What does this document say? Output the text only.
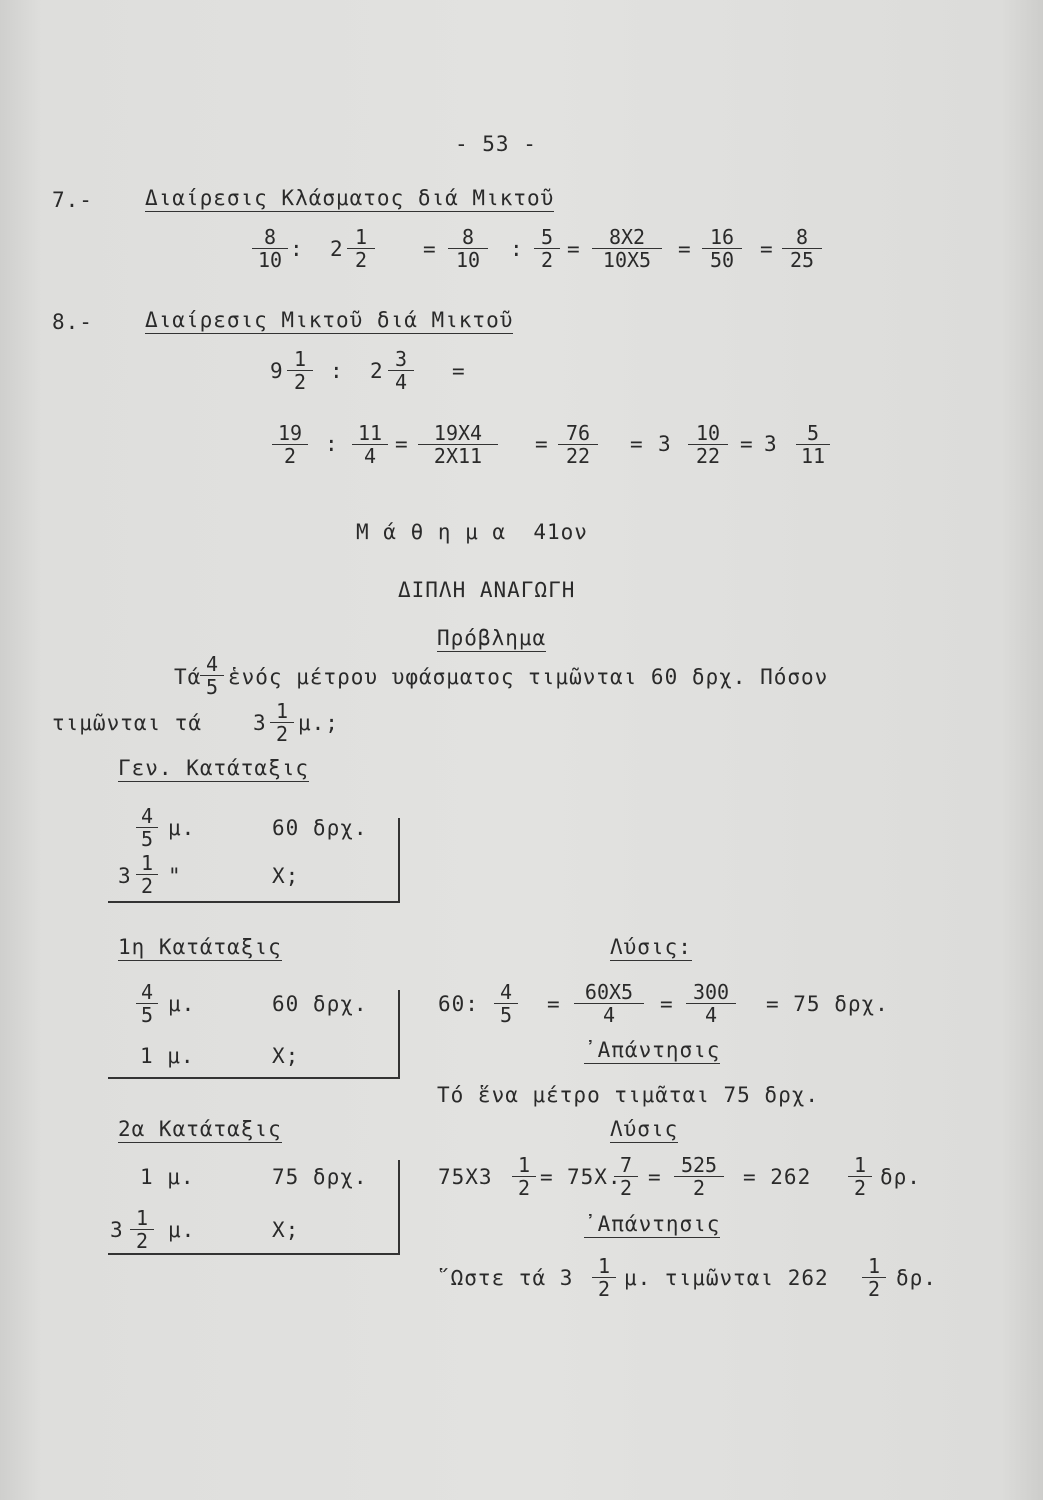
- 53 -
7.- Διαίρεσις Κλάσματος διά Μικτοῦ
$\frac{8}{10}$ : $2 \frac{1}{2} = \frac{8}{10}$ : $\frac{5}{2} = \frac{8X2}{10X5} = \frac{16}{50} = \frac{8}{25}$
8.- Διαίρεσις Μικτοῦ διά Μικτοῦ
$9 \frac{1}{2}$ : $2 \frac{3}{4}$ =
$\frac{19}{2}$ : $\frac{11}{4} = \frac{19X4}{2X11} = \frac{76}{22} = 3 \frac{10}{22} = 3 \frac{5}{11}$
Μ ά θ η μ α  41ον
ΔΙΠΛΗ ΑΝΑΓΩΓΗ
Πρόβλημα
Τά
$\frac{4}{5}$ ἑνός μέτρου υφάσματος τιμῶνται 60 δρχ. Πόσον
τιμῶνται τά $3 \frac{1}{2} \mu$.;
Γεν. Κατάταξις
$\frac{4}{5} \mu$.	60 δρχ.
$3 \frac{1}{2}$ "	X;
1η Κατάταξις
$\frac{4}{5} \mu$.	60 δρχ.
1 μ.	X;
Λύσις:
60: $\frac{4}{5} = \frac{60X5}{4} = \frac{300}{4} = 75$ δρχ.
᾿Απάντησις
Τό ἕνα μέτρο τιμᾶται 75 δρχ.
2α Κατάταξις
1 μ.	75 δρχ.
$3 \frac{1}{2} \mu$.	X;
Λύσις
$75X3 \frac{1}{2} = 75X$.
$\frac{7}{2} = \frac{525}{2} = 262 \frac{1}{2} \delta\rho$.
᾿Απάντησις
῞Ωστε τά $3 \frac{1}{2} \mu$. τιμῶνται $262 \frac{1}{2} \delta\rho$.
